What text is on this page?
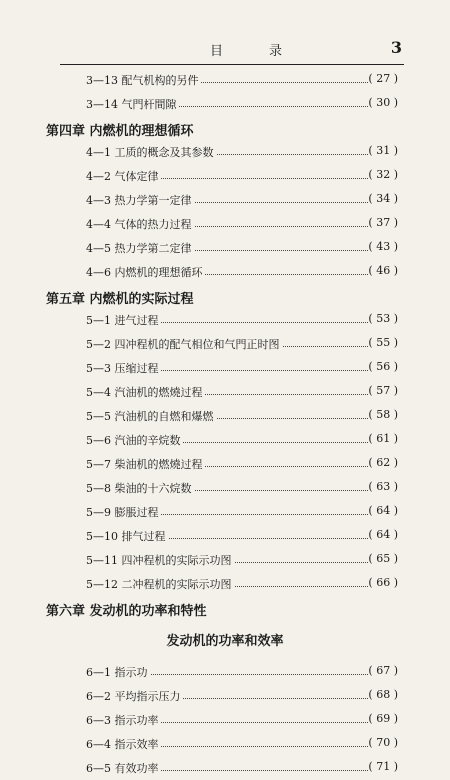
目录	3
3—13 配气机构的另件	( 27 )
3—14 气門杆間隙	( 30 )
第四章 内燃机的理想循环
4—1 工质的概念及其参数	( 31 )
4—2 气体定律	( 32 )
4—3 热力学第一定律	( 34 )
4—4 气体的热力过程	( 37 )
4—5 热力学第二定律	( 43 )
4—6 内燃机的理想循环	( 46 )
第五章 内燃机的实际过程
5—1 进气过程	( 53 )
5—2 四冲程机的配气相位和气門正时图	( 55 )
5—3 压缩过程	( 56 )
5—4 汽油机的燃燒过程	( 57 )
5—5 汽油机的自燃和爆燃	( 58 )
5—6 汽油的辛烷数	( 61 )
5—7 柴油机的燃燒过程	( 62 )
5—8 柴油的十六烷数	( 63 )
5—9 膨脹过程	( 64 )
5—10 排气过程	( 64 )
5—11 四冲程机的实际示功图	( 65 )
5—12 二冲程机的实际示功图	( 66 )
第六章 发动机的功率和特性
发动机的功率和效率
6—1 指示功	( 67 )
6—2 平均指示压力	( 68 )
6—3 指示功率	( 69 )
6—4 指示效率	( 70 )
6—5 有效功率	( 71 )
